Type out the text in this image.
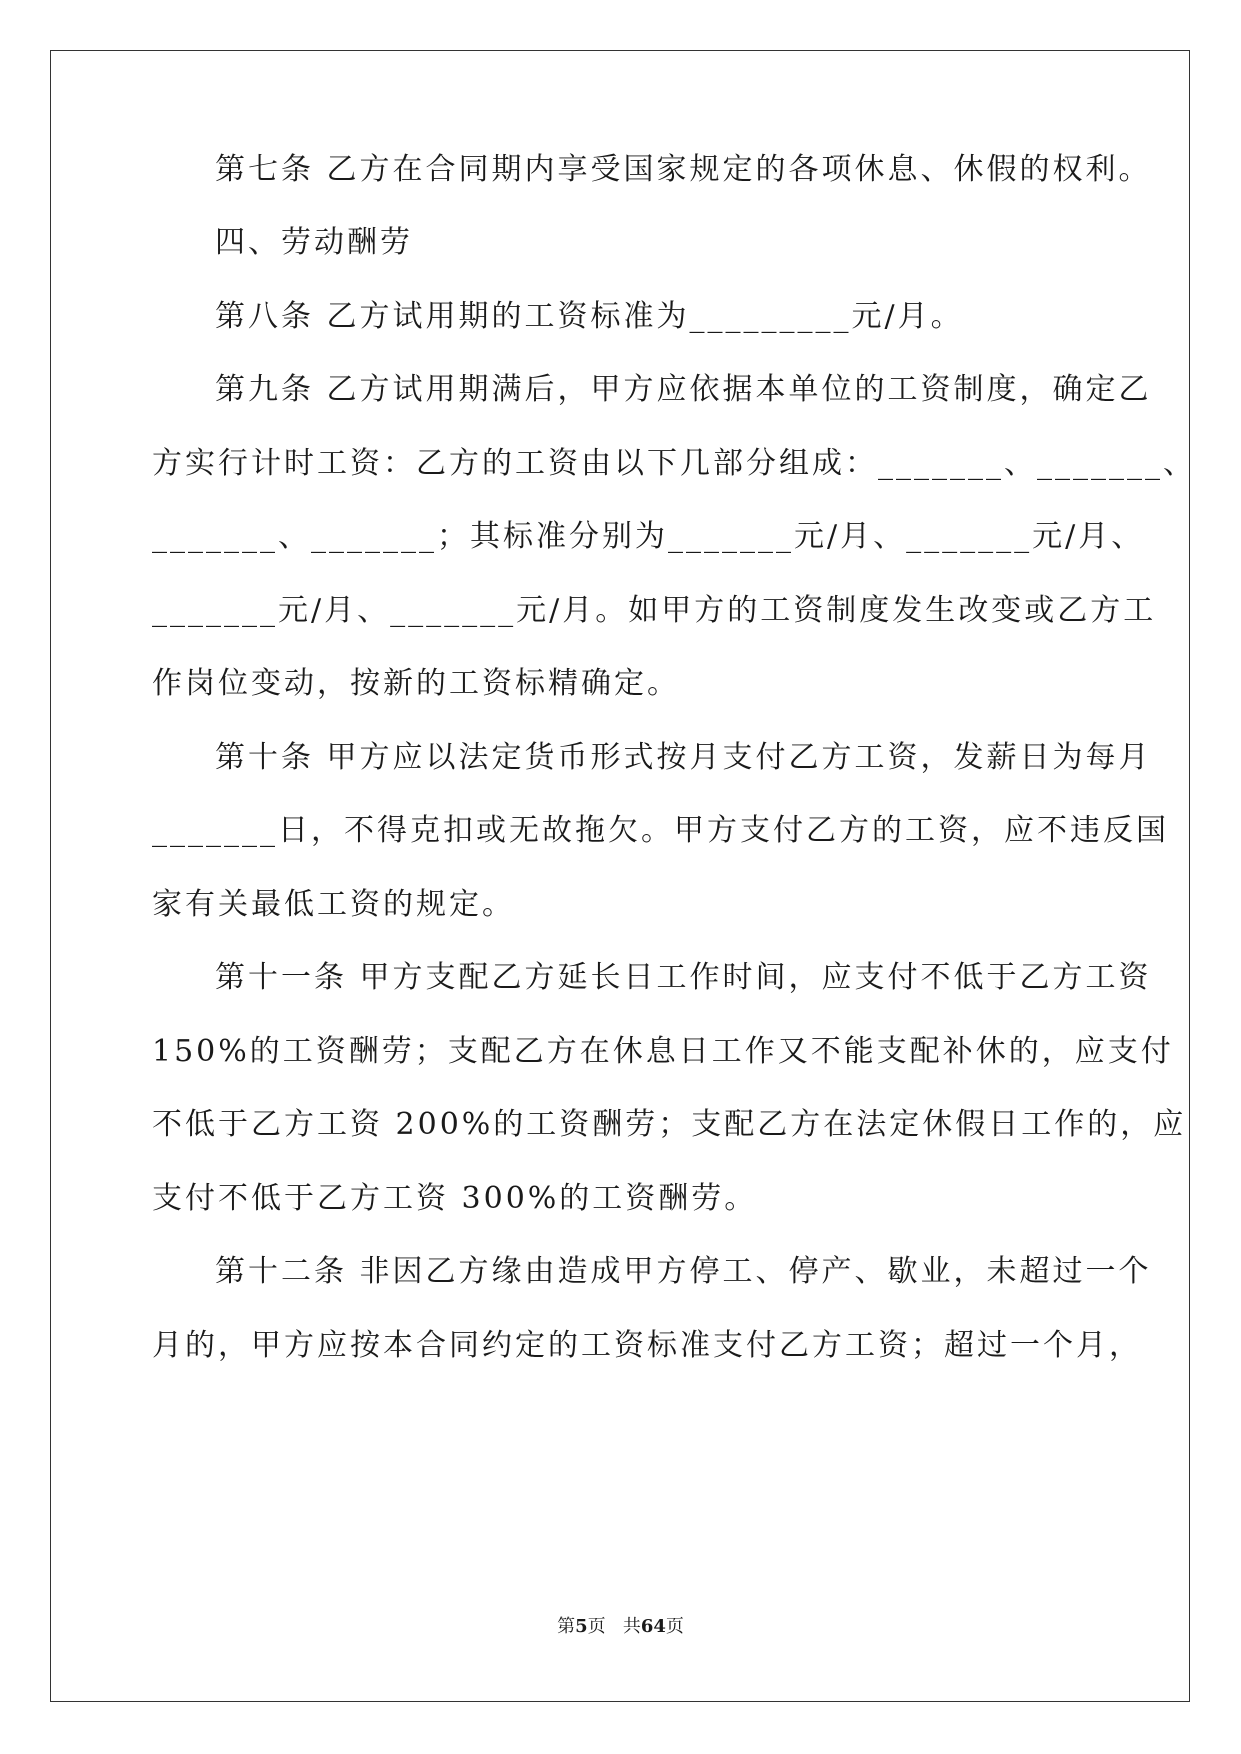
第七条 乙方在合同期内享受国家规定的各项休息、休假的权利。
四、劳动酬劳
第八条 乙方试用期的工资标准为_________元/月。
第九条 乙方试用期满后，甲方应依据本单位的工资制度，确定乙
方实行计时工资：乙方的工资由以下几部分组成：_______、_______、
_______、_______；其标准分别为_______元/月、_______元/月、
_______元/月、_______元/月。如甲方的工资制度发生改变或乙方工
作岗位变动，按新的工资标精确定。
第十条 甲方应以法定货币形式按月支付乙方工资，发薪日为每月
_______日，不得克扣或无故拖欠。甲方支付乙方的工资，应不违反国
家有关最低工资的规定。
第十一条 甲方支配乙方延长日工作时间，应支付不低于乙方工资
150%的工资酬劳；支配乙方在休息日工作又不能支配补休的，应支付
不低于乙方工资 200%的工资酬劳；支配乙方在法定休假日工作的，应
支付不低于乙方工资 300%的工资酬劳。
第十二条 非因乙方缘由造成甲方停工、停产、歇业，未超过一个
月的，甲方应按本合同约定的工资标准支付乙方工资；超过一个月，
第5页 共64页
